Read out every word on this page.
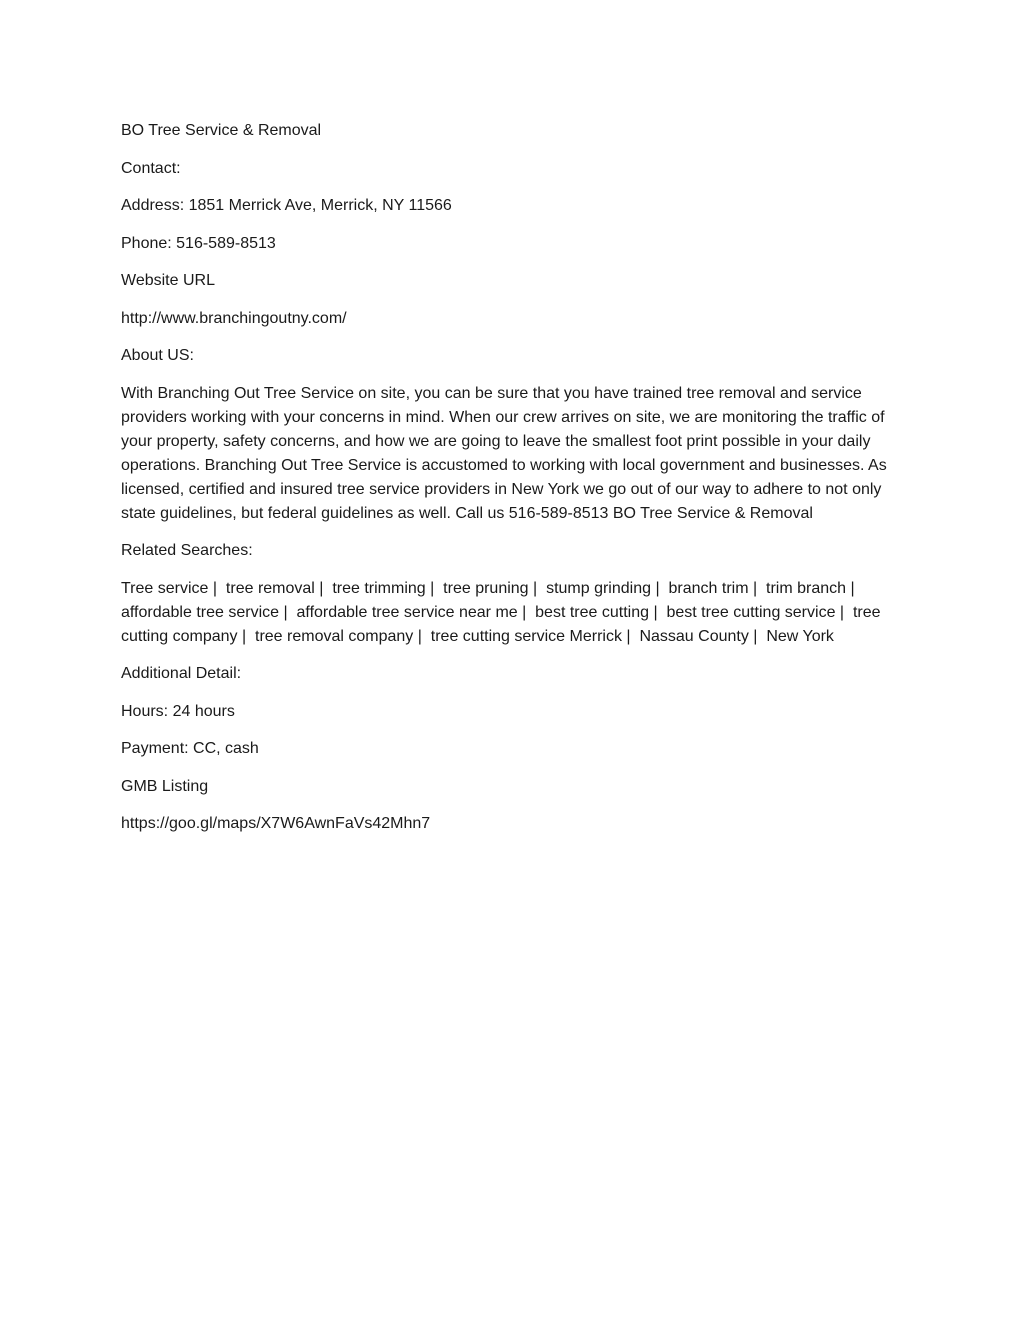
BO Tree Service & Removal

Contact:

Address: 1851 Merrick Ave, Merrick, NY 11566

Phone: 516-589-8513

Website URL

http://www.branchingoutny.com/

About US:

With Branching Out Tree Service on site, you can be sure that you have trained tree removal and service providers working with your concerns in mind. When our crew arrives on site, we are monitoring the traffic of your property, safety concerns, and how we are going to leave the smallest foot print possible in your daily operations. Branching Out Tree Service is accustomed to working with local government and businesses. As licensed, certified and insured tree service providers in New York we go out of our way to adhere to not only state guidelines, but federal guidelines as well. Call us 516-589-8513 BO Tree Service & Removal

Related Searches:

Tree service |  tree removal |  tree trimming |  tree pruning |  stump grinding |  branch trim |  trim branch |  affordable tree service |  affordable tree service near me |  best tree cutting |  best tree cutting service |  tree cutting company |  tree removal company |  tree cutting service Merrick |  Nassau County |  New York

Additional Detail:

Hours: 24 hours

Payment: CC, cash

GMB Listing

https://goo.gl/maps/X7W6AwnFaVs42Mhn7
